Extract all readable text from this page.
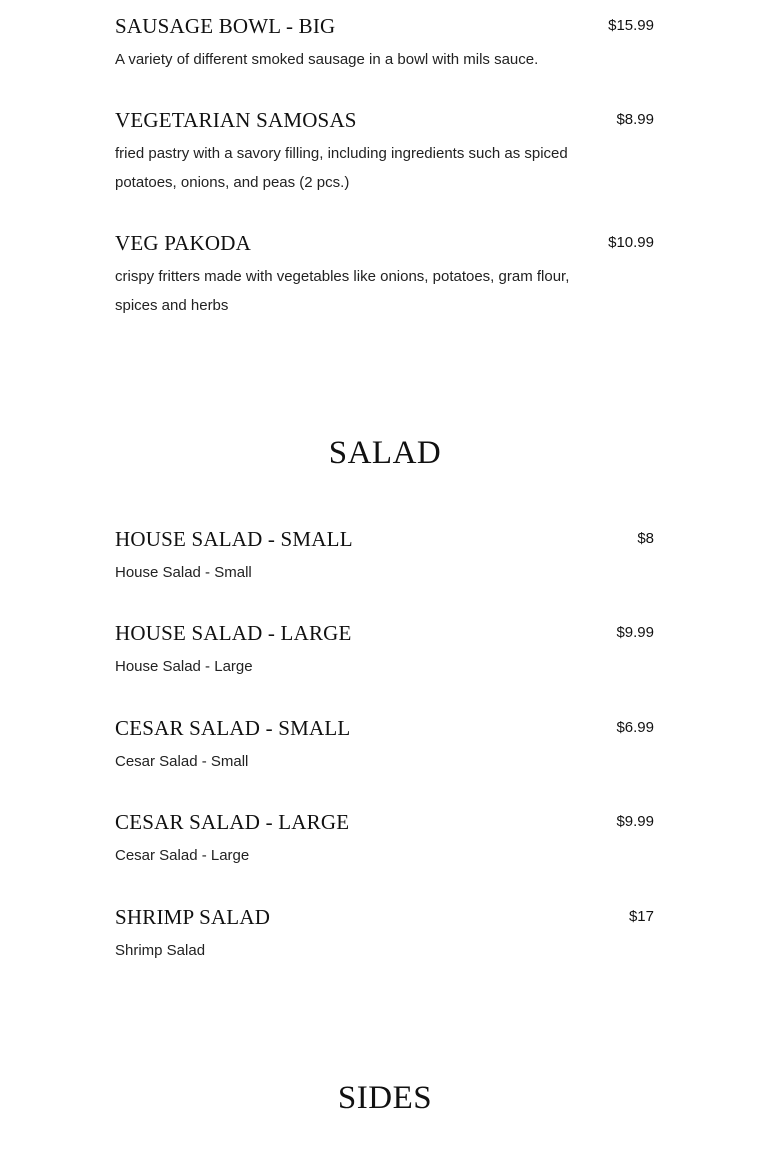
SAUSAGE BOWL - BIG	$15.99
A variety of different smoked sausage in a bowl with mils sauce.
VEGETARIAN SAMOSAS	$8.99
fried pastry with a savory filling, including ingredients such as spiced potatoes, onions, and peas (2 pcs.)
VEG PAKODA	$10.99
crispy fritters made with vegetables like onions, potatoes, gram flour, spices and herbs
SALAD
HOUSE SALAD - SMALL	$8
House Salad - Small
HOUSE SALAD - LARGE	$9.99
House Salad - Large
CESAR SALAD - SMALL	$6.99
Cesar Salad - Small
CESAR SALAD - LARGE	$9.99
Cesar Salad - Large
SHRIMP SALAD	$17
Shrimp Salad
SIDES
